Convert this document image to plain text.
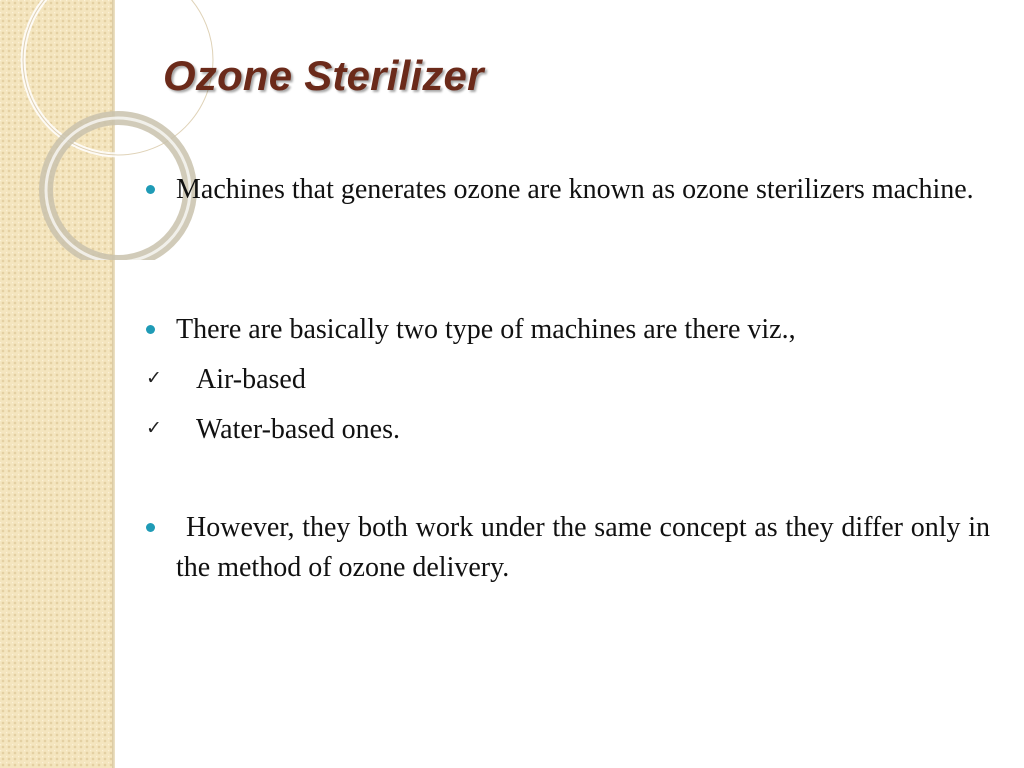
Ozone Sterilizer
Machines that generates ozone are known as ozone sterilizers machine.
There are basically two type of machines are there viz.,
✓ Air-based
✓ Water-based ones.
However, they both work under the same concept as they differ only in the method of ozone delivery.
